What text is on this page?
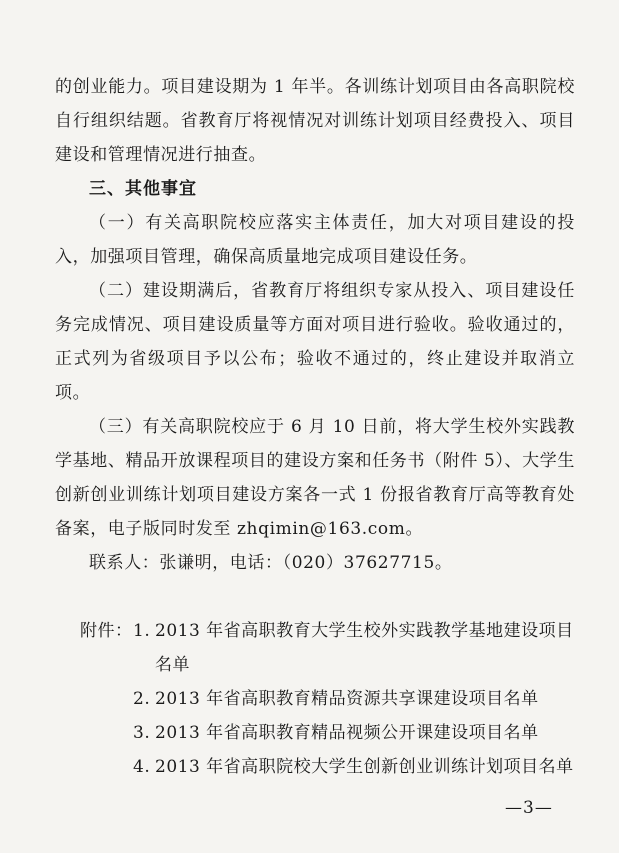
的创业能力。项目建设期为 1 年半。各训练计划项目由各高职院校自行组织结题。省教育厅将视情况对训练计划项目经费投入、项目建设和管理情况进行抽查。

三、其他事宜

（一）有关高职院校应落实主体责任，加大对项目建设的投入，加强项目管理，确保高质量地完成项目建设任务。

（二）建设期满后，省教育厅将组织专家从投入、项目建设任务完成情况、项目建设质量等方面对项目进行验收。验收通过的，正式列为省级项目予以公布；验收不通过的，终止建设并取消立项。

（三）有关高职院校应于 6 月 10 日前，将大学生校外实践教学基地、精品开放课程项目的建设方案和任务书（附件 5）、大学生创新创业训练计划项目建设方案各一式 1 份报省教育厅高等教育处备案，电子版同时发至 zhqimin@163.com。

联系人：张谦明，电话：（020）37627715。

附件： 1. 2013 年省高职教育大学生校外实践教学基地建设项目名单
2. 2013 年省高职教育精品资源共享课建设项目名单
3. 2013 年省高职教育精品视频公开课建设项目名单
4. 2013 年省高职院校大学生创新创业训练计划项目名单
—3—
